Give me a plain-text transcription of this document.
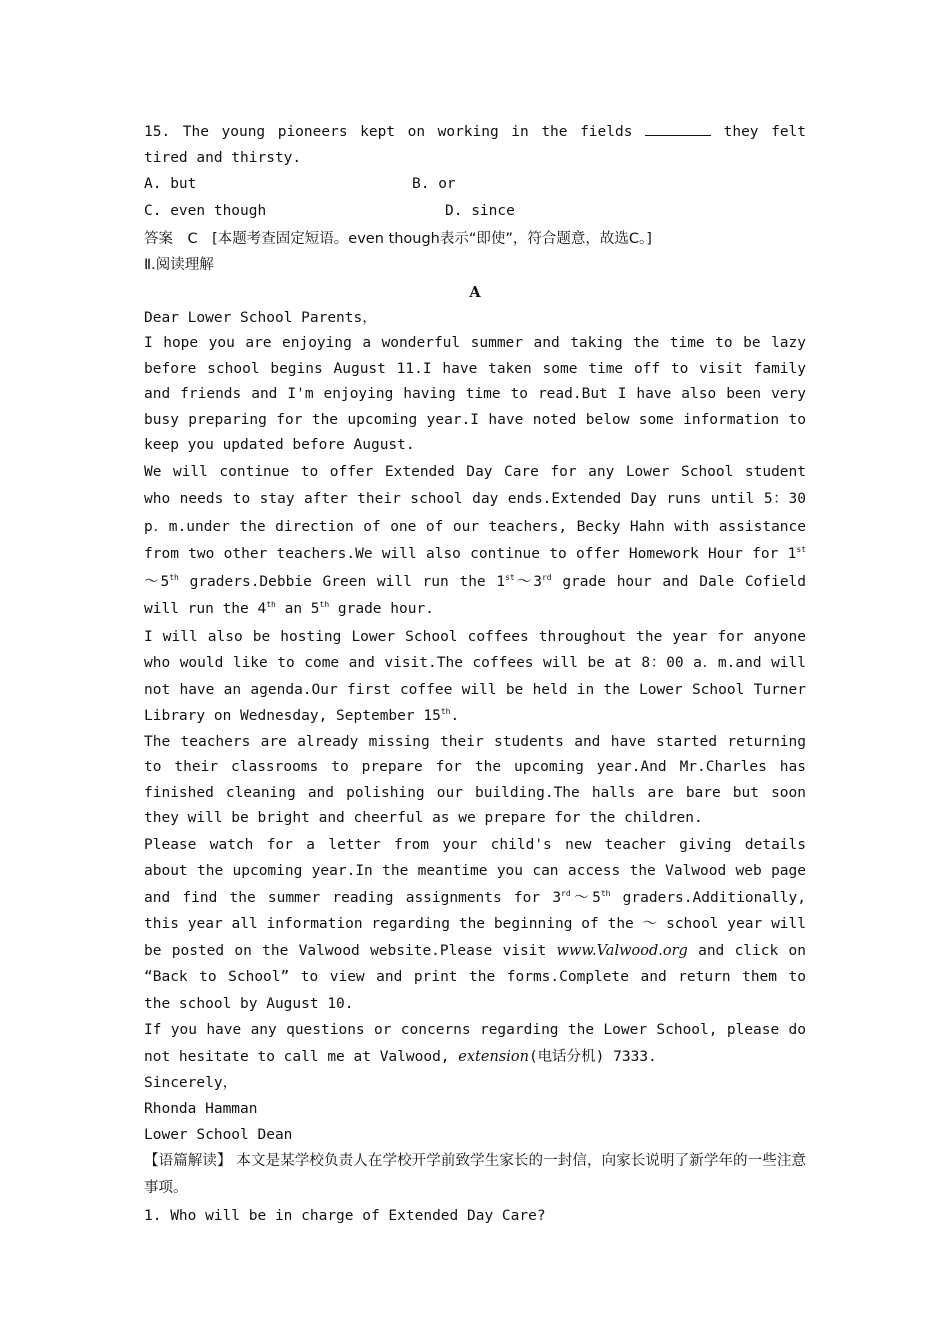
15. The young pioneers kept on working in the fields	they felt tired and thirsty.

A. but	B. or
C. even though	D. since

答案　C　[本题考查固定短语。even though表示“即使”，符合题意，故选C。]

Ⅱ.阅读理解

A

Dear Lower School Parents，

I hope you are enjoying a wonderful summer and taking the time to be lazy before school begins August 11.I have taken some time off to visit family and friends and I'm enjoying having time to read.But I have also been very busy preparing for the upcoming year.I have noted below some information to keep you updated before August.

We will continue to offer Extended Day Care for any Lower School student who needs to stay after their school day ends.Extended Day runs until 5：30 p．m.under the direction of one of our teachers, Becky Hahn with assistance from two other teachers.We will also continue to offer Homework Hour for 1st～5th graders.Debbie Green will run the 1st～3rd grade hour and Dale Cofield will run the 4th an 5th grade hour.

I will also be hosting Lower School coffees throughout the year for anyone who would like to come and visit.The coffees will be at 8：00 a．m.and will not have an agenda.Our first coffee will be held in the Lower School Turner Library on Wednesday, September 15th.

The teachers are already missing their students and have started returning to their classrooms to prepare for the upcoming year.And Mr.Charles has finished cleaning and polishing our building.The halls are bare but soon they will be bright and cheerful as we prepare for the children.

Please watch for a letter from your child's new teacher giving details about the upcoming year.In the meantime you can access the Valwood web page and find the summer reading assignments for 3rd～5th graders.Additionally, this year all information regarding the beginning of the ～ school year will be posted on the Valwood website.Please visit www.Valwood.org and click on “Back to School” to view and print the forms.Complete and return them to the school by August 10.

If you have any questions or concerns regarding the Lower School, please do not hesitate to call me at Valwood, extension(电话分机) 7333.

Sincerely，

Rhonda Hamman

Lower School Dean

【语篇解读】 本文是某学校负责人在学校开学前致学生家长的一封信，向家长说明了新学年的一些注意事项。

1. Who will be in charge of Extended Day Care?
